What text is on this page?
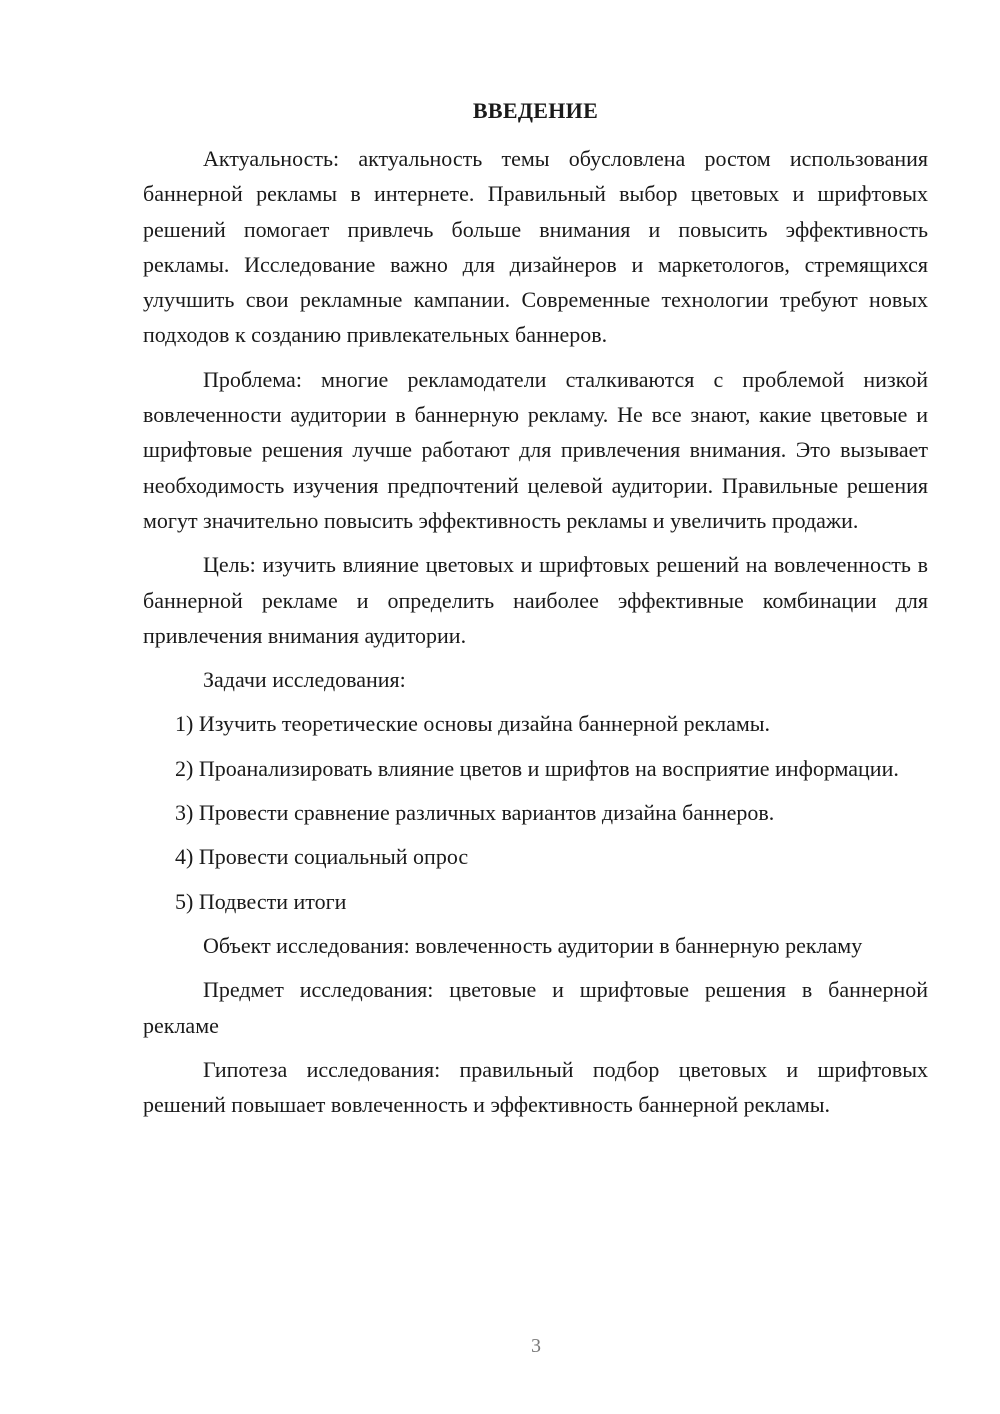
ВВЕДЕНИЕ

Актуальность: актуальность темы обусловлена ростом использования баннерной рекламы в интернете. Правильный выбор цветовых и шрифтовых решений помогает привлечь больше внимания и повысить эффективность рекламы. Исследование важно для дизайнеров и маркетологов, стремящихся улучшить свои рекламные кампании. Современные технологии требуют новых подходов к созданию привлекательных баннеров.

Проблема: многие рекламодатели сталкиваются с проблемой низкой вовлеченности аудитории в баннерную рекламу. Не все знают, какие цветовые и шрифтовые решения лучше работают для привлечения внимания. Это вызывает необходимость изучения предпочтений целевой аудитории. Правильные решения могут значительно повысить эффективность рекламы и увеличить продажи.

Цель: изучить влияние цветовых и шрифтовых решений на вовлеченность в баннерной рекламе и определить наиболее эффективные комбинации для привлечения внимания аудитории.

Задачи исследования:

1) Изучить теоретические основы дизайна баннерной рекламы.

2) Проанализировать влияние цветов и шрифтов на восприятие информации.

3) Провести сравнение различных вариантов дизайна баннеров.

4) Провести социальный опрос

5) Подвести итоги

Объект исследования: вовлеченность аудитории в баннерную рекламу

Предмет исследования: цветовые и шрифтовые решения в баннерной рекламе

Гипотеза исследования: правильный подбор цветовых и шрифтовых решений повышает вовлеченность и эффективность баннерной рекламы.

3
